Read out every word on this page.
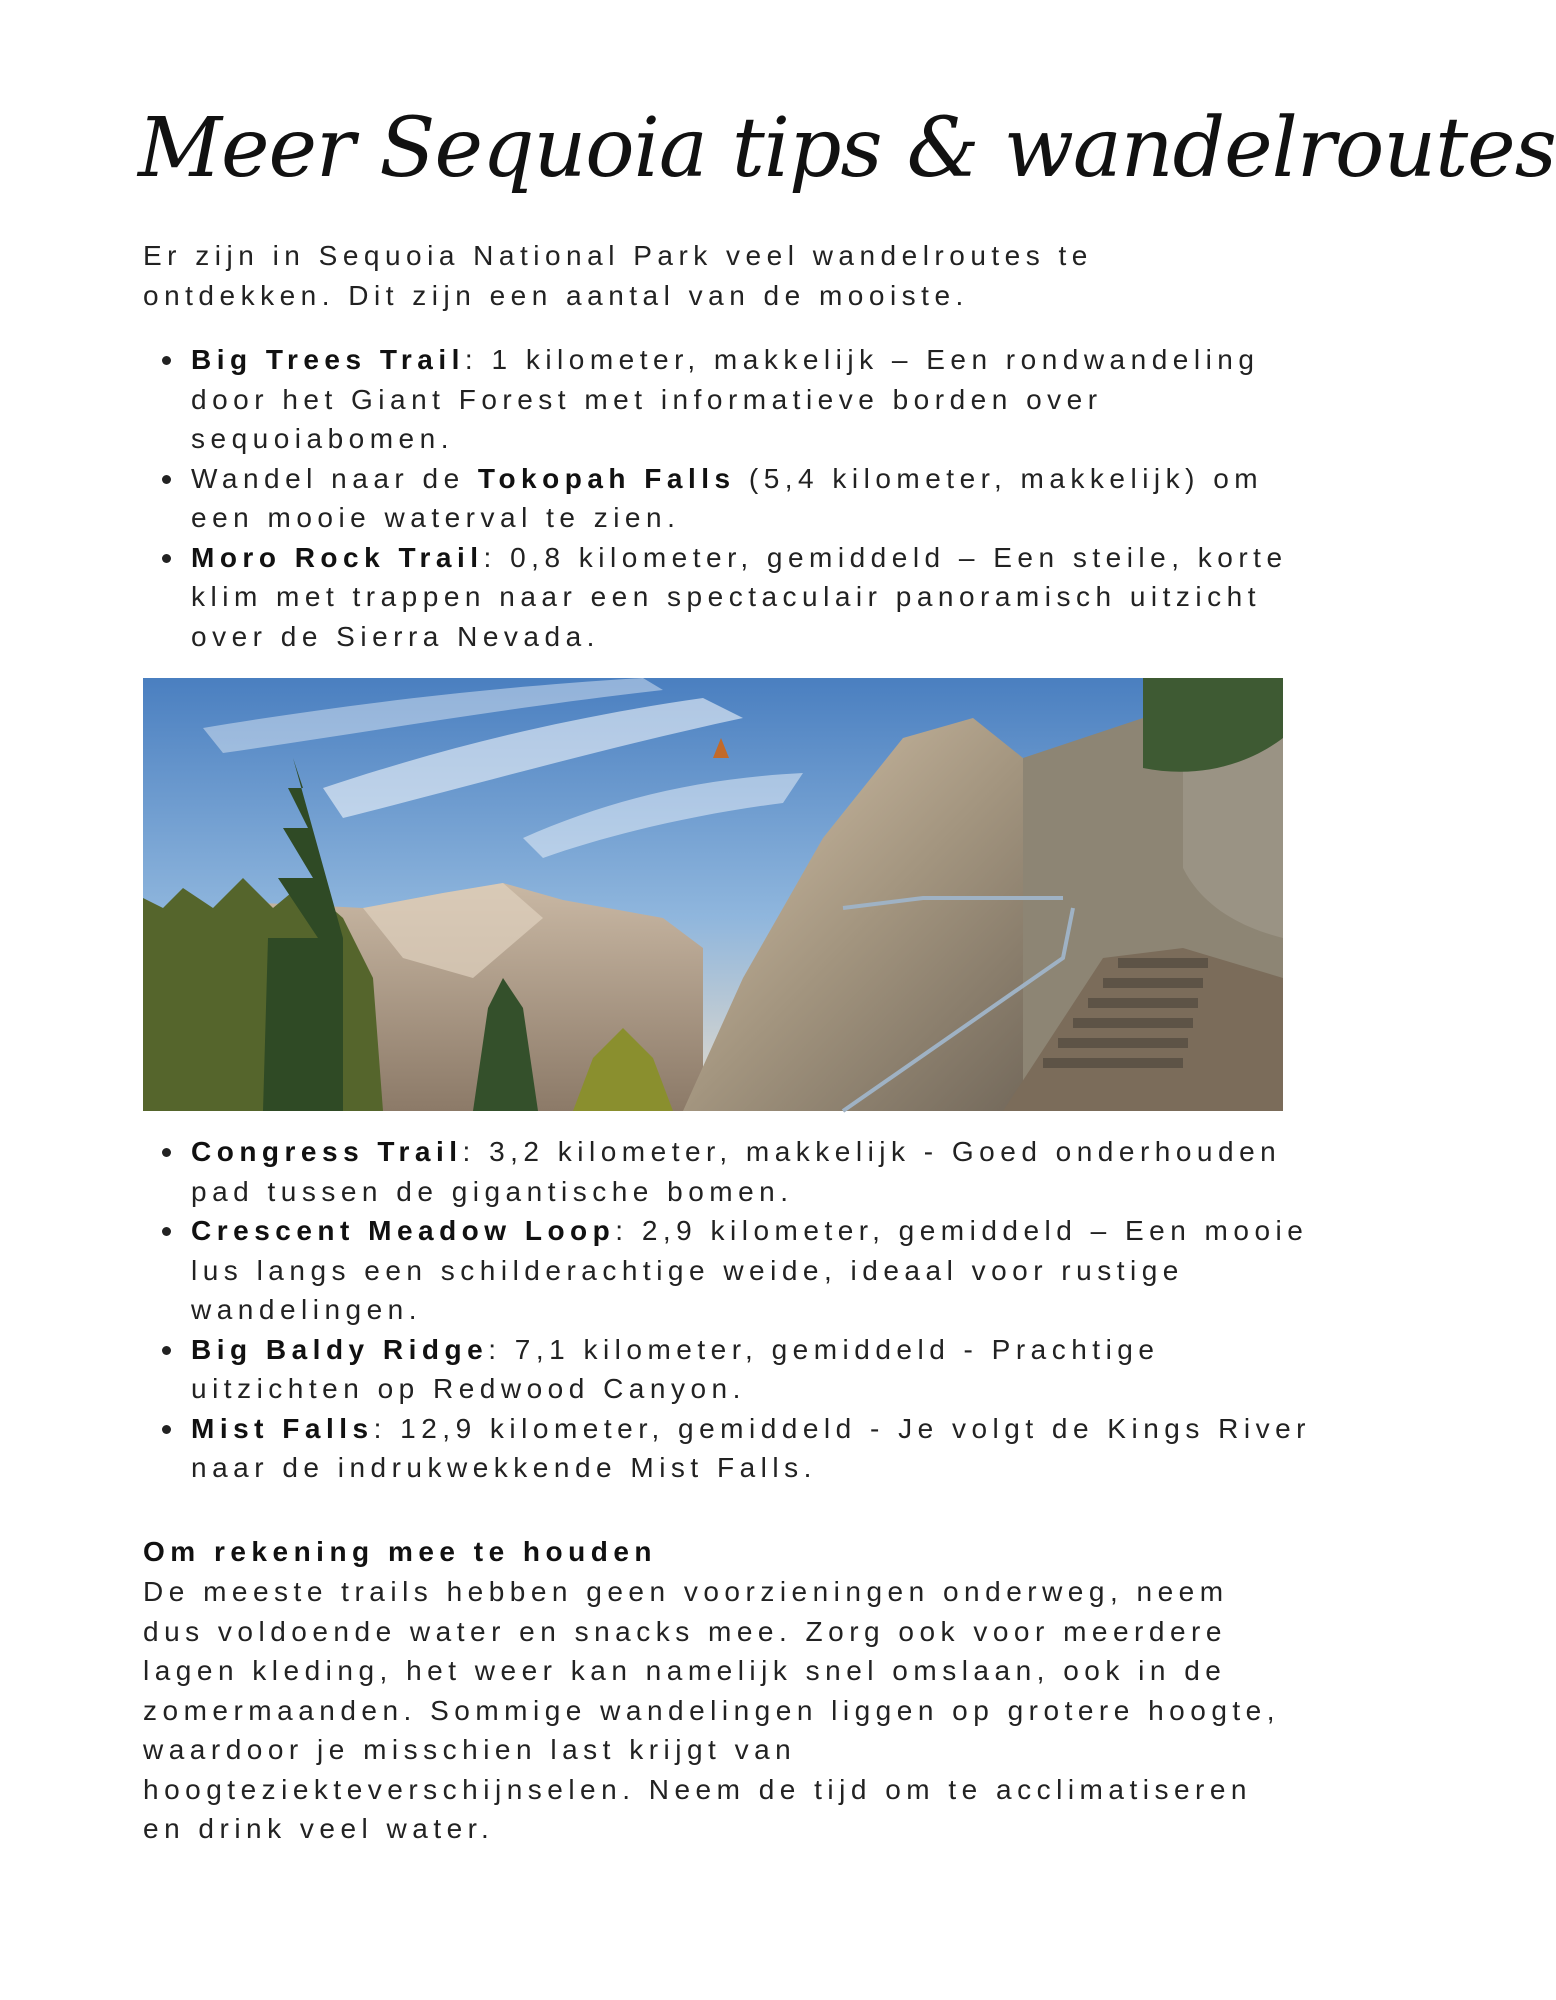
Meer Sequoia tips & wandelroutes
Er zijn in Sequoia National Park veel wandelroutes te ontdekken. Dit zijn een aantal van de mooiste.
Big Trees Trail: 1 kilometer, makkelijk – Een rondwandeling door het Giant Forest met informatieve borden over sequoiabomen.
Wandel naar de Tokopah Falls (5,4 kilometer, makkelijk) om een mooie waterval te zien.
Moro Rock Trail: 0,8 kilometer, gemiddeld – Een steile, korte klim met trappen naar een spectaculair panoramisch uitzicht over de Sierra Nevada.
Congress Trail: 3,2 kilometer, makkelijk - Goed onderhouden pad tussen de gigantische bomen.
Crescent Meadow Loop: 2,9 kilometer, gemiddeld – Een mooie lus langs een schilderachtige weide, ideaal voor rustige wandelingen.
Big Baldy Ridge: 7,1 kilometer, gemiddeld - Prachtige uitzichten op Redwood Canyon.
Mist Falls: 12,9 kilometer, gemiddeld - Je volgt de Kings River naar de indrukwekkende Mist Falls.
Om rekening mee te houden
De meeste trails hebben geen voorzieningen onderweg, neem dus voldoende water en snacks mee. Zorg ook voor meerdere lagen kleding, het weer kan namelijk snel omslaan, ook in de zomermaanden. Sommige wandelingen liggen op grotere hoogte, waardoor je misschien last krijgt van hoogteziekteverschijnselen. Neem de tijd om te acclimatiseren en drink veel water.
